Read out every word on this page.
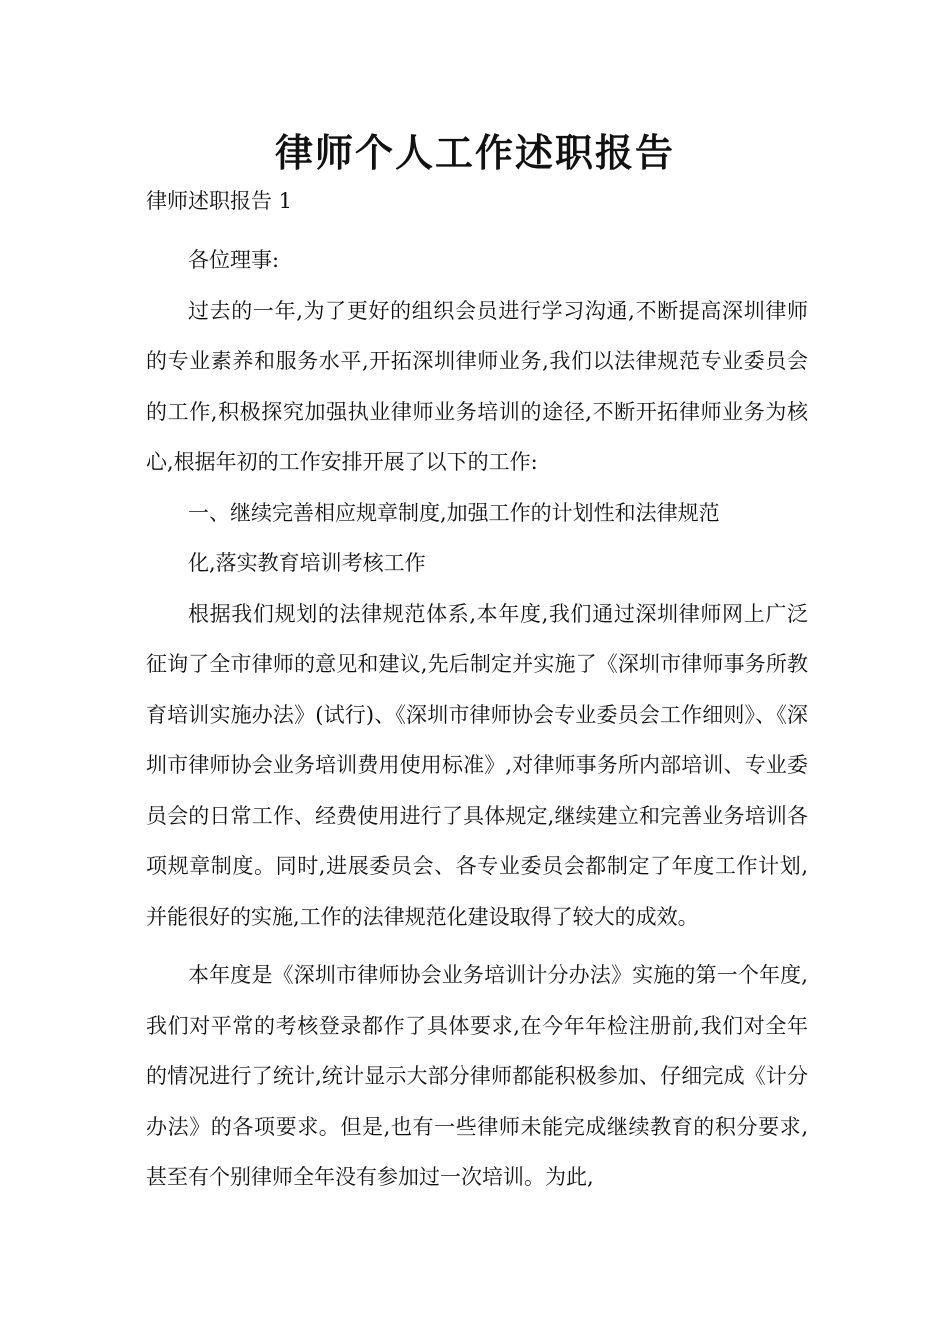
律师个人工作述职报告
律师述职报告 1

各位理事:

过去的一年,为了更好的组织会员进行学习沟通,不断提高深圳律师的专业素养和服务水平,开拓深圳律师业务,我们以法律规范专业委员会的工作,积极探究加强执业律师业务培训的途径,不断开拓律师业务为核心,根据年初的工作安排开展了以下的工作:

一、继续完善相应规章制度,加强工作的计划性和法律规范

化,落实教育培训考核工作

根据我们规划的法律规范体系,本年度,我们通过深圳律师网上广泛征询了全市律师的意见和建议,先后制定并实施了《深圳市律师事务所教育培训实施办法》(试行)、《深圳市律师协会专业委员会工作细则》、《深圳市律师协会业务培训费用使用标准》,对律师事务所内部培训、专业委员会的日常工作、经费使用进行了具体规定,继续建立和完善业务培训各项规章制度。同时,进展委员会、各专业委员会都制定了年度工作计划,并能很好的实施,工作的法律规范化建设取得了较大的成效。

本年度是《深圳市律师协会业务培训计分办法》实施的第一个年度,我们对平常的考核登录都作了具体要求,在今年年检注册前,我们对全年的情况进行了统计,统计显示大部分律师都能积极参加、仔细完成《计分办法》的各项要求。但是,也有一些律师未能完成继续教育的积分要求,甚至有个别律师全年没有参加过一次培训。为此,
